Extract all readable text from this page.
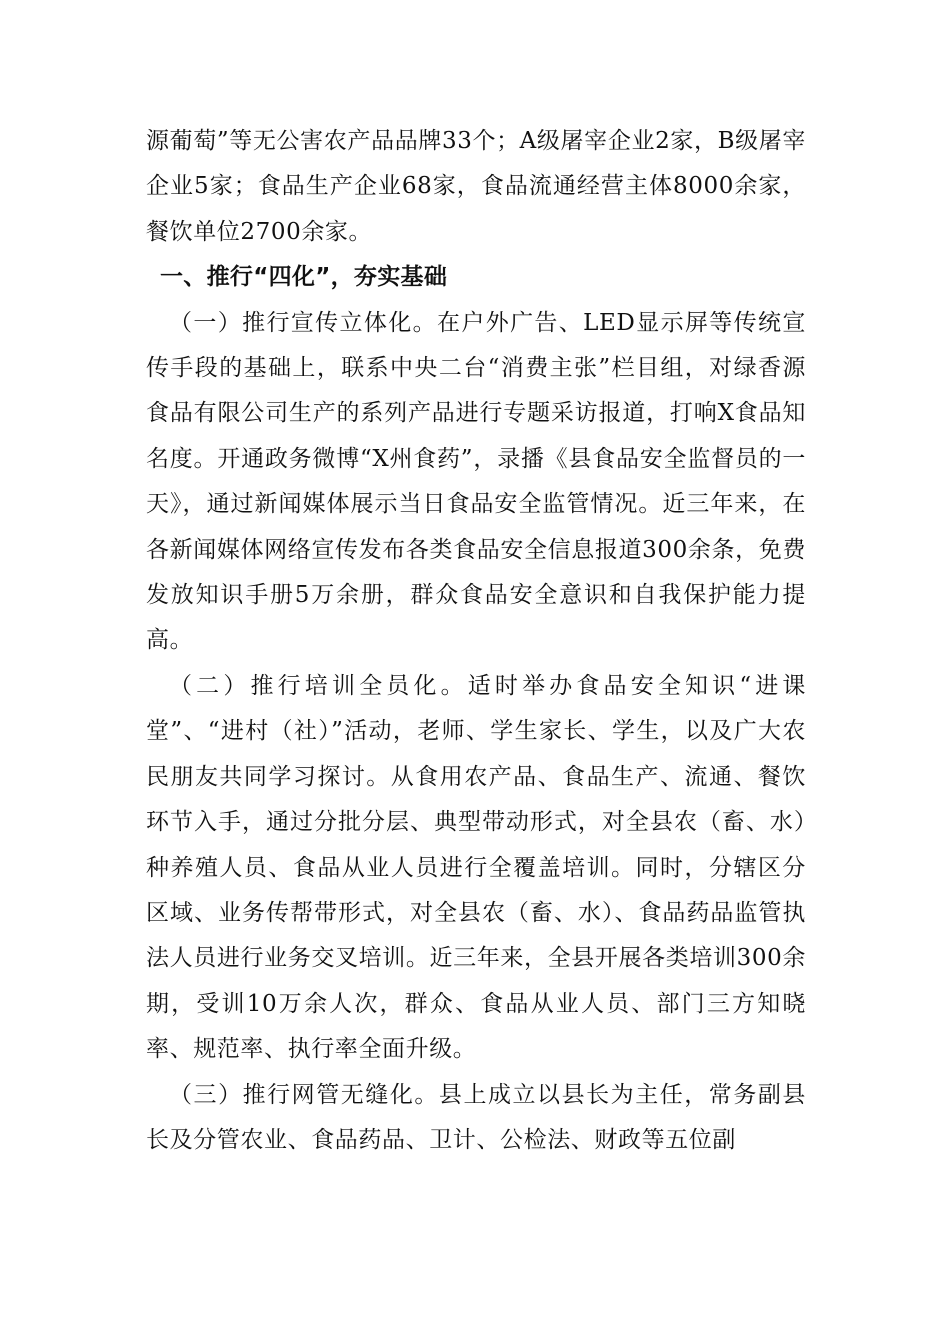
源葡萄”等无公害农产品品牌33个；A级屠宰企业2家，B级屠宰企业5家；食品生产企业68家，食品流通经营主体8000余家，餐饮单位2700余家。

一、推行“四化”，夯实基础

（一）推行宣传立体化。在户外广告、LED显示屏等传统宣传手段的基础上，联系中央二台“消费主张”栏目组，对绿香源食品有限公司生产的系列产品进行专题采访报道，打响X食品知名度。开通政务微博“X州食药”，录播《县食品安全监督员的一天》，通过新闻媒体展示当日食品安全监管情况。近三年来，在各新闻媒体网络宣传发布各类食品安全信息报道300余条，免费发放知识手册5万余册，群众食品安全意识和自我保护能力提高。

（二）推行培训全员化。适时举办食品安全知识“进课堂”、“进村（社）”活动，老师、学生家长、学生，以及广大农民朋友共同学习探讨。从食用农产品、食品生产、流通、餐饮环节入手，通过分批分层、典型带动形式，对全县农（畜、水）种养殖人员、食品从业人员进行全覆盖培训。同时，分辖区分区域、业务传帮带形式，对全县农（畜、水）、食品药品监管执法人员进行业务交叉培训。近三年来，全县开展各类培训300余期，受训10万余人次，群众、食品从业人员、部门三方知晓率、规范率、执行率全面升级。

（三）推行网管无缝化。县上成立以县长为主任，常务副县长及分管农业、食品药品、卫计、公检法、财政等五位副
